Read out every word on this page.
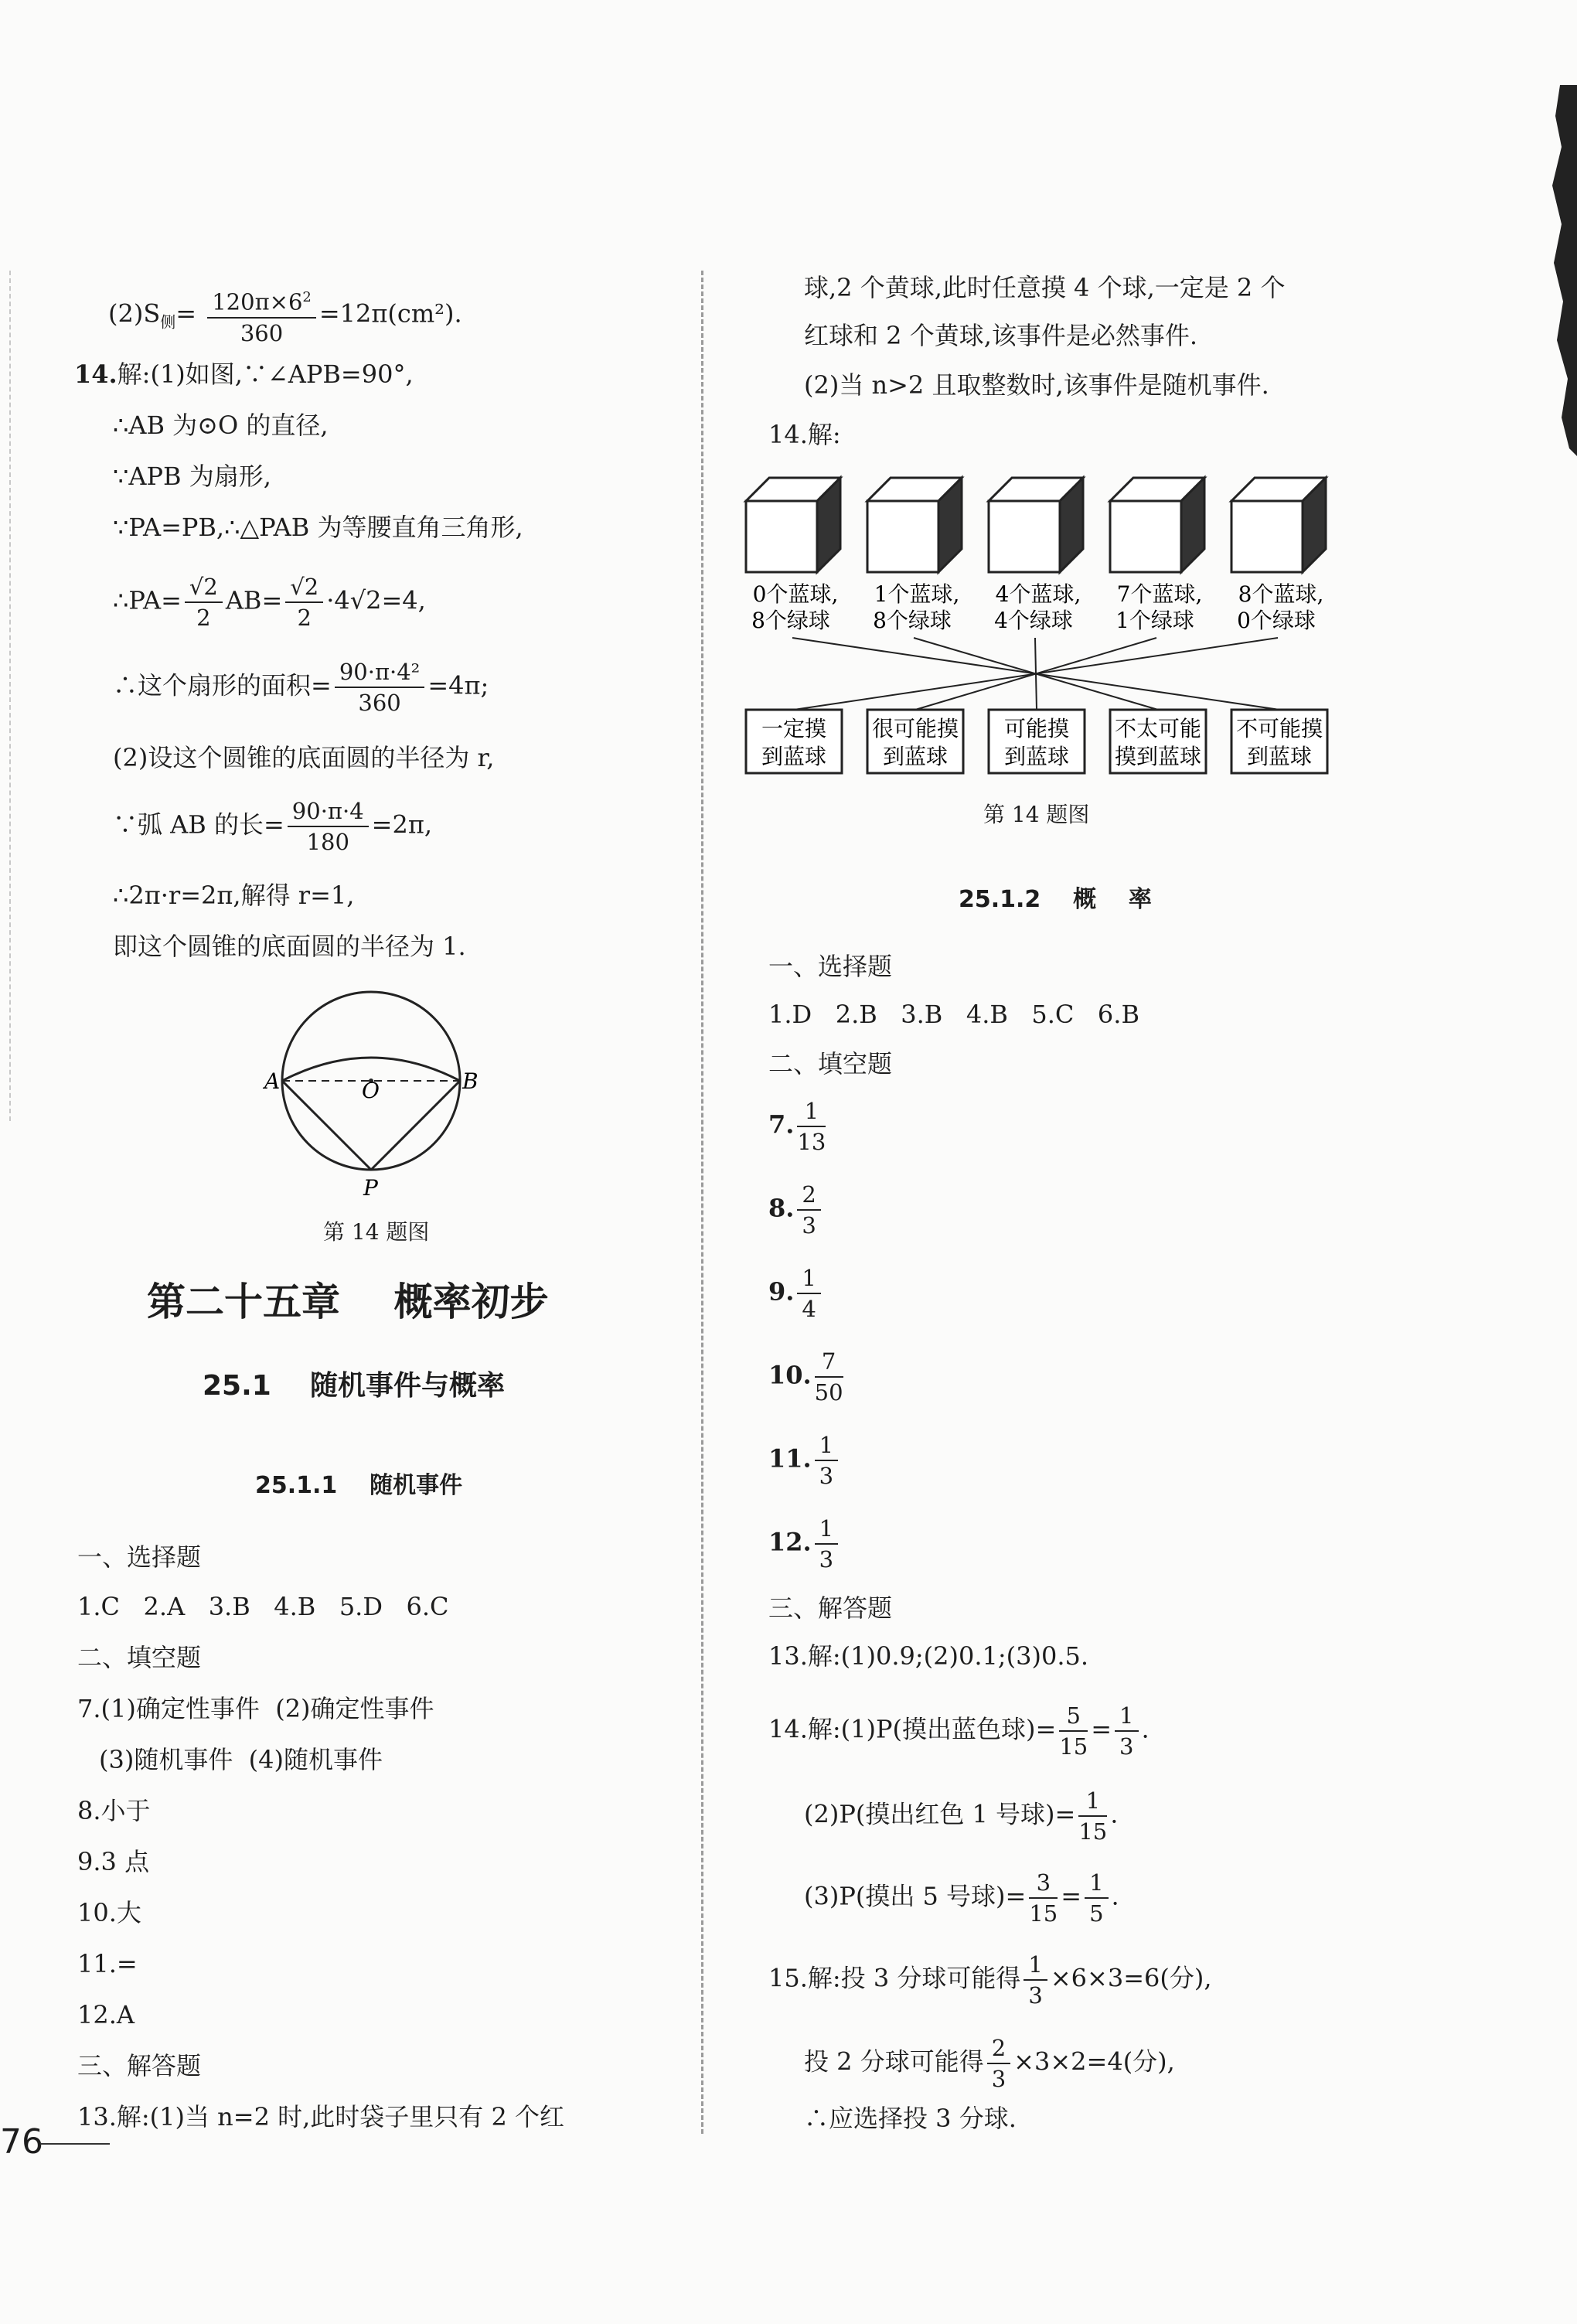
$(2)S_侧= \frac{120\pi\times 6^2}{360} =12\pi(cm^2)$.
14.解:(1)如图,∵∠APB=90°,
∴AB 为⊙O 的直径,
∵APB 为扇形,
∵PA=PB,∴△PAB 为等腰直角三角形,
∴PA= $\frac{√2}{2} AB= \frac{√2}{2} \cdot 4√2=4$,
∴这个扇形的面积= $\frac{\text{90·π·4²}}{360} =4\pi$;
(2)设这个圆锥的底面圆的半径为 r,
∵弧 AB 的长= $\frac{90\cdot\pi\cdot 4}{180} =2\pi$,
∴2π·r=2π,解得 r=1,
即这个圆锥的底面圆的半径为 1.
A	B
O
P
第 14 题图
第二十五章    概率初步
25.1    随机事件与概率
25.1.1    随机事件
一、选择题
1.C   2.A   3.B   4.B   5.D   6.C
二、填空题
7.(1)确定性事件  (2)确定性事件
(3)随机事件  (4)随机事件
8.小于
9.3 点
10.大
11.=
12.A
三、解答题
13.解:(1)当 n=2 时,此时袋子里只有 2 个红
球,2 个黄球,此时任意摸 4 个球,一定是 2 个
红球和 2 个黄球,该事件是必然事件.
(2)当 n>2 且取整数时,该事件是随机事件.
14.解:
0个蓝球,
8个绿球
1个蓝球,
8个绿球
4个蓝球,
4个绿球
7个蓝球,
1个绿球
8个蓝球,
0个绿球
一定摸
到蓝球
很可能摸
到蓝球
可能摸
到蓝球
不太可能
摸到蓝球
不可能摸
到蓝球
第 14 题图
25.1.2    概    率
一、选择题
1.D   2.B   3.B   4.B   5.C   6.B
二、填空题
7. $\frac{1}{13}$
8. $\frac{2}{3}$
9. $\frac{1}{4}$
10. $\frac{7}{50}$
11. $\frac{1}{3}$
12. $\frac{1}{3}$
三、解答题
13.解:(1)0.9;(2)0.1;(3)0.5.
14.解:(1)P(摸出蓝色球)= $\frac{5}{15} = \frac{1}{3}$ .
(2)P(摸出红色 1 号球)= $\frac{1}{15}$ .
(3)P(摸出 5 号球)= $\frac{3}{15} = \frac{1}{5}$ .
15.解:投 3 分球可能得 $\frac{1}{3} \times 6\times 3=6$(分),
投 2 分球可能得 $\frac{2}{3} \times 3\times 2=4$(分),
∴应选择投 3 分球.
76
